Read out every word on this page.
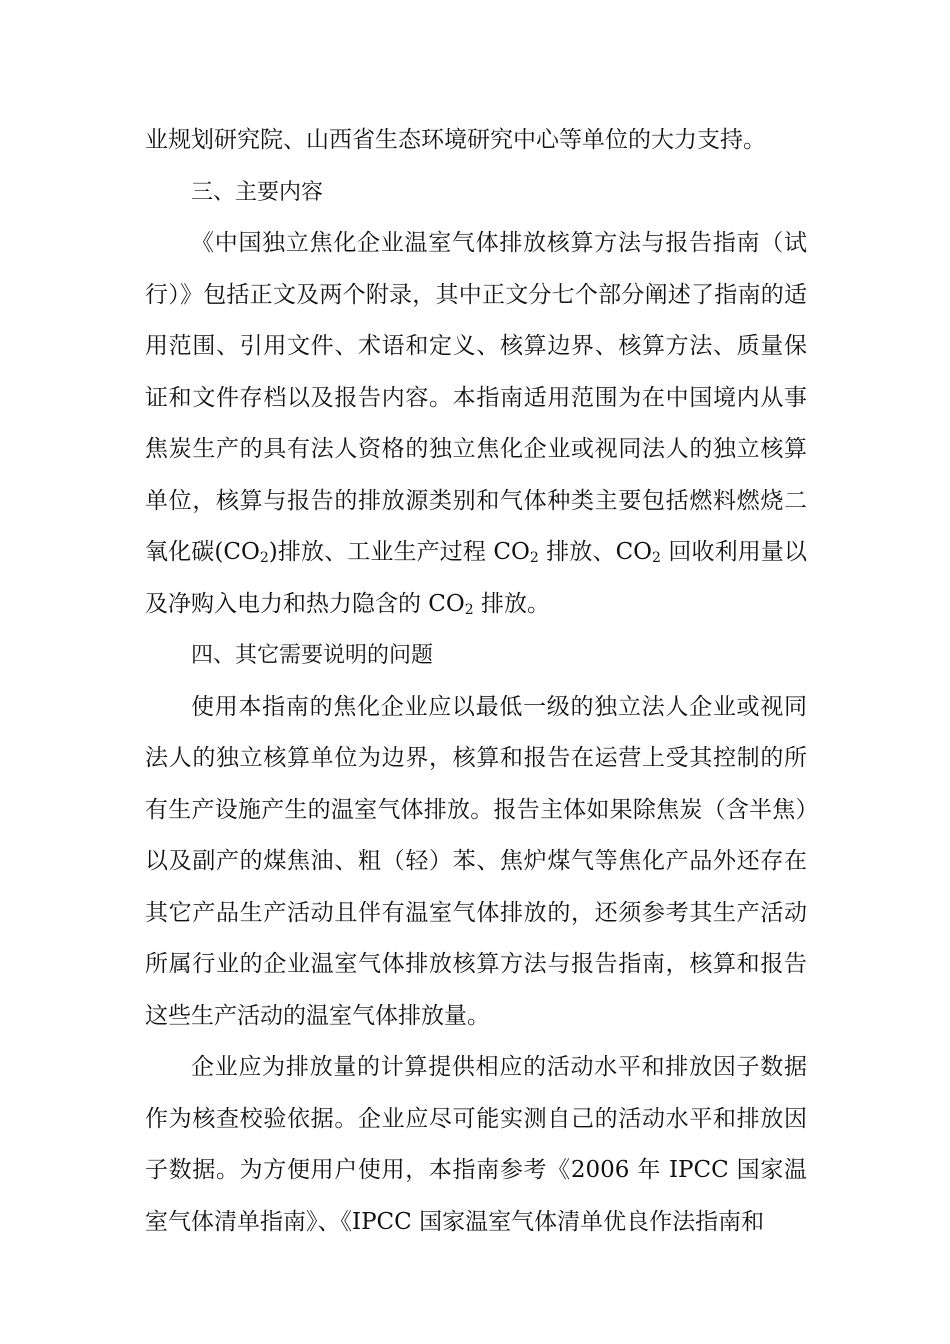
业规划研究院、山西省生态环境研究中心等单位的大力支持。

三、主要内容

《中国独立焦化企业温室气体排放核算方法与报告指南（试行）》包括正文及两个附录，其中正文分七个部分阐述了指南的适用范围、引用文件、术语和定义、核算边界、核算方法、质量保证和文件存档以及报告内容。本指南适用范围为在中国境内从事焦炭生产的具有法人资格的独立焦化企业或视同法人的独立核算单位，核算与报告的排放源类别和气体种类主要包括燃料燃烧二氧化碳$(CO_2)$排放、工业生产过程 $CO_2$ 排放、$CO_2$ 回收利用量以及净购入电力和热力隐含的 $CO_2$ 排放。

四、其它需要说明的问题

使用本指南的焦化企业应以最低一级的独立法人企业或视同法人的独立核算单位为边界，核算和报告在运营上受其控制的所有生产设施产生的温室气体排放。报告主体如果除焦炭（含半焦）以及副产的煤焦油、粗（轻）苯、焦炉煤气等焦化产品外还存在其它产品生产活动且伴有温室气体排放的，还须参考其生产活动所属行业的企业温室气体排放核算方法与报告指南，核算和报告这些生产活动的温室气体排放量。

企业应为排放量的计算提供相应的活动水平和排放因子数据作为核查校验依据。企业应尽可能实测自己的活动水平和排放因子数据。为方便用户使用，本指南参考《2006 年 IPCC 国家温室气体清单指南》、《IPCC 国家温室气体清单优良作法指南和
